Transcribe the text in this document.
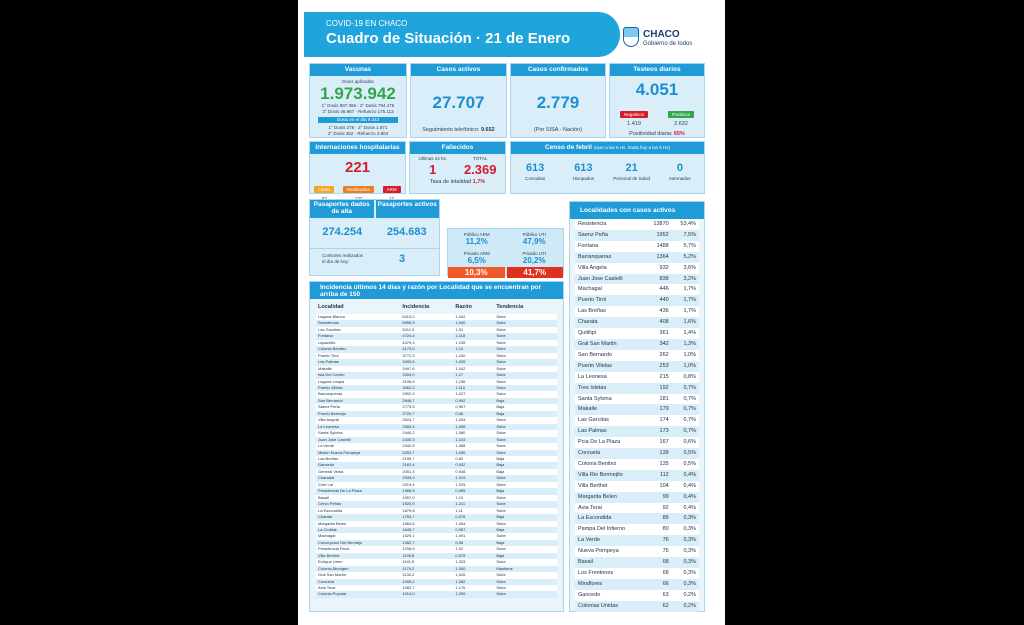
COVID-19 EN CHACO
Cuadro de Situación · 21 de Enero	CHACO
Gobierno de todos
Vacunas
Dosis aplicadas
1.973.942
1° Dosis 987.366 · 2° Dosis 794.476
3° Dosis 46.987 · Refuerzo 175.113
Dosis en el día 9.343
1° Dosis 278 · 2° Dosis 1.871
3° Dosis 352 · Refuerzo 3.803
Casos activos
27.707
Seguimiento telefónico: 9.652
Casos confirmados
2.779
(Por SISA - Nación)
Testeos diarios
4.051
Negativos
1.419
Positivos
2.632
Positividad diaria: 65%
Internaciones hospitalarias
221
Leves	Moderados	ARM
Fallecidos
Últimas 24 hs.
1
TOTAL
2.369
Tasa de letalidad 1,7%
Censo de febril (ayer a las 6 Hs. hasta hoy a las 6 Hs)
613
Consultas
613
Hisopados
21
Personal de Salud
0
Internados
Pasaportes dados de alta
Pasaportes activos
274.254	254.683
Controles realizados el día de hoy:	3
Público ARM
11,2%
Público UTI
47,9%
Privado ARM
6,5%
Privado UTI
20,2%
10,3%	41,7%
Incidencia últimos 14 días y razón por Localidad que se encuentran por arriba de 150
Localidad	Incidencia	Razón	Tendencia
Laguna Blanca	6410,0	1,042	Sube
Resistencia	5955,3	1,040	Sube
Las Garcitas	5211,9	1,01	Sube
Fontana	4724,4	1,118	Sube
Lapachito	4479,3	1,135	Sube
Colonia Benítez	4170,0	1,10	Sube
Puerto Tirol	3772,3	1,100	Sube
Las Palmas	3490,6	1,035	Sube
Makallé	3497,6	1,042	Sube
Isla Del Cerrito	3394,0	1,17	Sube
Laguna Limpia	3198,6	1,156	Sube
Puerto Vilelas	3062,3	1,110	Sube
Barranqueras	2902,0	1,027	Sube
San Bernardo	2846,7	0,992	Baja
Sáenz Peña	2775,5	0,967	Baja
Puerto Bermejo	2720,7	0,96	Baja
Villa Angela	2624,7	1,034	Sube
La Leonesa	2584,4	1,096	Sube
Santa Sylvina	2440,2	1,080	Sube
Juan José Castelli	2430,3	1,103	Sube
La Verde	2342,8	1,088	Sube
Misión Nueva Pompeya	2253,7	1,030	Sube
Las Breñas	2195,7	0,82	Baja
Gancedo	2162,4	0,932	Baja
General Vedia	2051,3	0,938	Baja
Charadai	2039,9	1,019	Sube
Cote Lai	2019,4	1,025	Sube
Presidencia De La Plaza	1966,5	0,989	Baja
Basail	1957,0	1,10	Sube
Cervo Peñas	1920,9	1,211	Sube
La Escondida	1879,8	1,11	Sube
Charata	1753,7	0,978	Baja
Margarita Belen	1664,8	1,064	Sube
La Clotilde	1645,7	0,957	Baja
Machagai	1529,1	1,091	Sube
Concepcion Del Bermejo	1352,7	0,98	Baja
Presidencia Roca	1296,6	1,02	Sube
Villa Berthet	1195,8	0,978	Baja
Enrique Urien	1191,5	1,333	Sube
Colonia Aborigen	1179,2	1,000	Mantiene
Gral San Martín	1134,2	1,026	Sube
Corzuela	1099,2	1,282	Sube
Avia Terai	1082,7	1,176	Sube
Colonia Popular	1014,0	1,200	Sube
Localidades con casos activos
Resistencia	13870	53,4%
Saenz Peña	1952	7,5%
Fontana	1488	5,7%
Barranqueras	1364	5,2%
Villa Angela	932	3,6%
Juan Jose Castelli	838	3,2%
Machagai	446	1,7%
Puerto Tirol	440	1,7%
Las Breñas	436	1,7%
Charata	408	1,6%
Quitilipi	361	1,4%
Gral San Martin	342	1,3%
San Bernardo	262	1,0%
Puerto Vilelas	253	1,0%
La Leonesa	215	0,8%
Tres Isletas	192	0,7%
Santa Sylvina	181	0,7%
Makalle	179	0,7%
Las Garcitas	174	0,7%
Las Palmas	173	0,7%
Pcia De La Plaza	167	0,6%
Corzuela	139	0,5%
Colonia Benitez	135	0,5%
Villa Rio Bermejito	112	0,4%
Villa Berthet	104	0,4%
Margarita Belen	99	0,4%
Avia Terai	92	0,4%
La Escondida	85	0,3%
Pampa Del Infierno	80	0,3%
La Verde	76	0,3%
Nueva Pompeya	75	0,3%
Basail	68	0,3%
Los Frentones	68	0,3%
Miraflores	66	0,3%
Gancedo	63	0,2%
Colonias Unidas	62	0,2%
